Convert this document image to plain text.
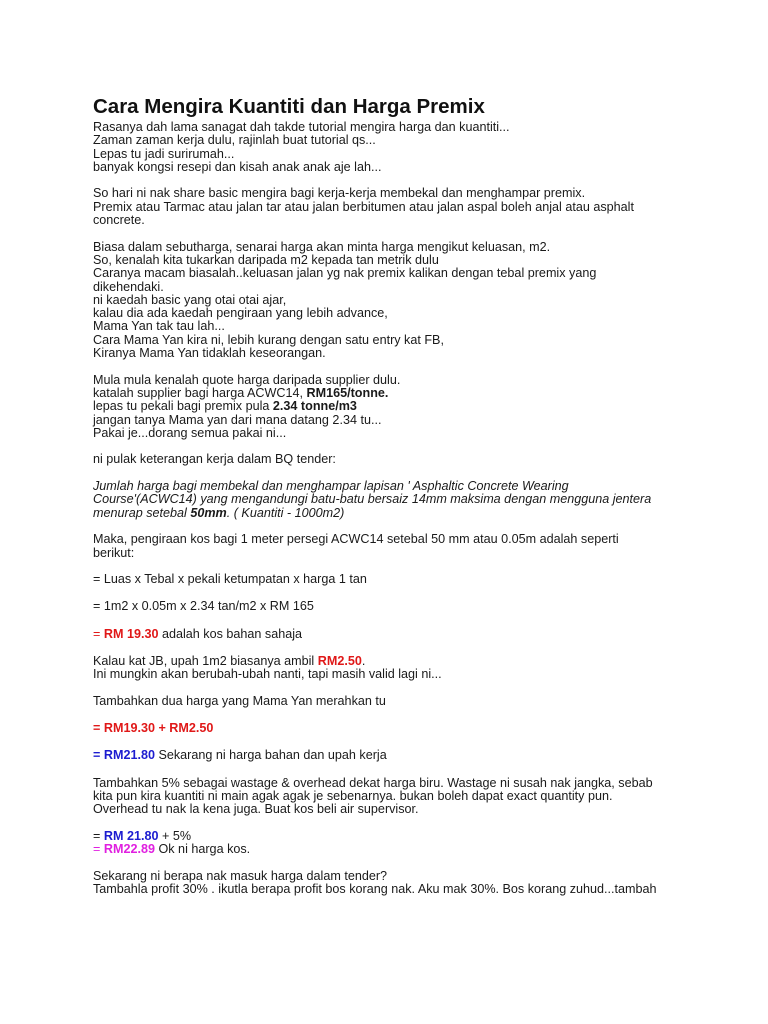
Cara Mengira Kuantiti dan Harga Premix
Rasanya dah lama sanagat dah takde tutorial mengira harga dan kuantiti...
Zaman zaman kerja dulu, rajinlah buat tutorial qs...
Lepas tu jadi surirumah...
banyak kongsi resepi dan kisah anak anak aje lah...
So hari ni nak share basic mengira bagi kerja-kerja membekal dan menghampar premix.
Premix atau Tarmac atau jalan tar atau jalan berbitumen atau jalan aspal boleh anjal atau asphalt
concrete.
Biasa dalam sebutharga, senarai harga akan minta harga mengikut keluasan, m2.
So, kenalah kita tukarkan daripada m2 kepada tan metrik dulu
Caranya macam biasalah..keluasan jalan yg nak premix kalikan dengan tebal premix yang
dikehendaki.
ni kaedah basic yang otai otai ajar,
kalau dia ada kaedah pengiraan yang lebih advance,
Mama Yan tak tau lah...
Cara Mama Yan kira ni, lebih kurang dengan satu entry kat FB,
Kiranya Mama Yan tidaklah keseorangan.
Mula mula kenalah quote harga daripada supplier dulu.
katalah supplier bagi harga ACWC14, RM165/tonne.
lepas tu pekali bagi premix pula 2.34 tonne/m3
jangan tanya Mama yan dari mana datang 2.34 tu...
Pakai je...dorang semua pakai ni...
ni pulak keterangan kerja dalam BQ tender:
Jumlah harga bagi membekal dan menghampar lapisan ' Asphaltic Concrete Wearing
Course'(ACWC14) yang mengandungi batu-batu bersaiz 14mm maksima dengan mengguna jentera
menurap setebal 50mm. ( Kuantiti - 1000m2)
Maka, pengiraan kos bagi 1 meter persegi ACWC14 setebal 50 mm atau 0.05m adalah seperti
berikut:
= Luas x Tebal x pekali ketumpatan x harga 1 tan
= 1m2 x 0.05m x 2.34 tan/m2 x RM 165
= RM 19.30 adalah kos bahan sahaja
Kalau kat JB, upah 1m2 biasanya ambil RM2.50.
Ini mungkin akan berubah-ubah nanti, tapi masih valid lagi ni...
Tambahkan dua harga yang Mama Yan merahkan tu
= RM19.30 + RM2.50
= RM21.80 Sekarang ni harga bahan dan upah kerja
Tambahkan 5% sebagai wastage & overhead dekat harga biru. Wastage ni susah nak jangka, sebab
kita pun kira kuantiti ni main agak agak je sebenarnya. bukan boleh dapat exact quantity pun.
Overhead tu nak la kena juga. Buat kos beli air supervisor.
= RM 21.80 + 5%
= RM22.89 Ok ni harga kos.
Sekarang ni berapa nak masuk harga dalam tender?
Tambahla profit 30% . ikutla berapa profit bos korang nak. Aku mak 30%. Bos korang zuhud...tambah
